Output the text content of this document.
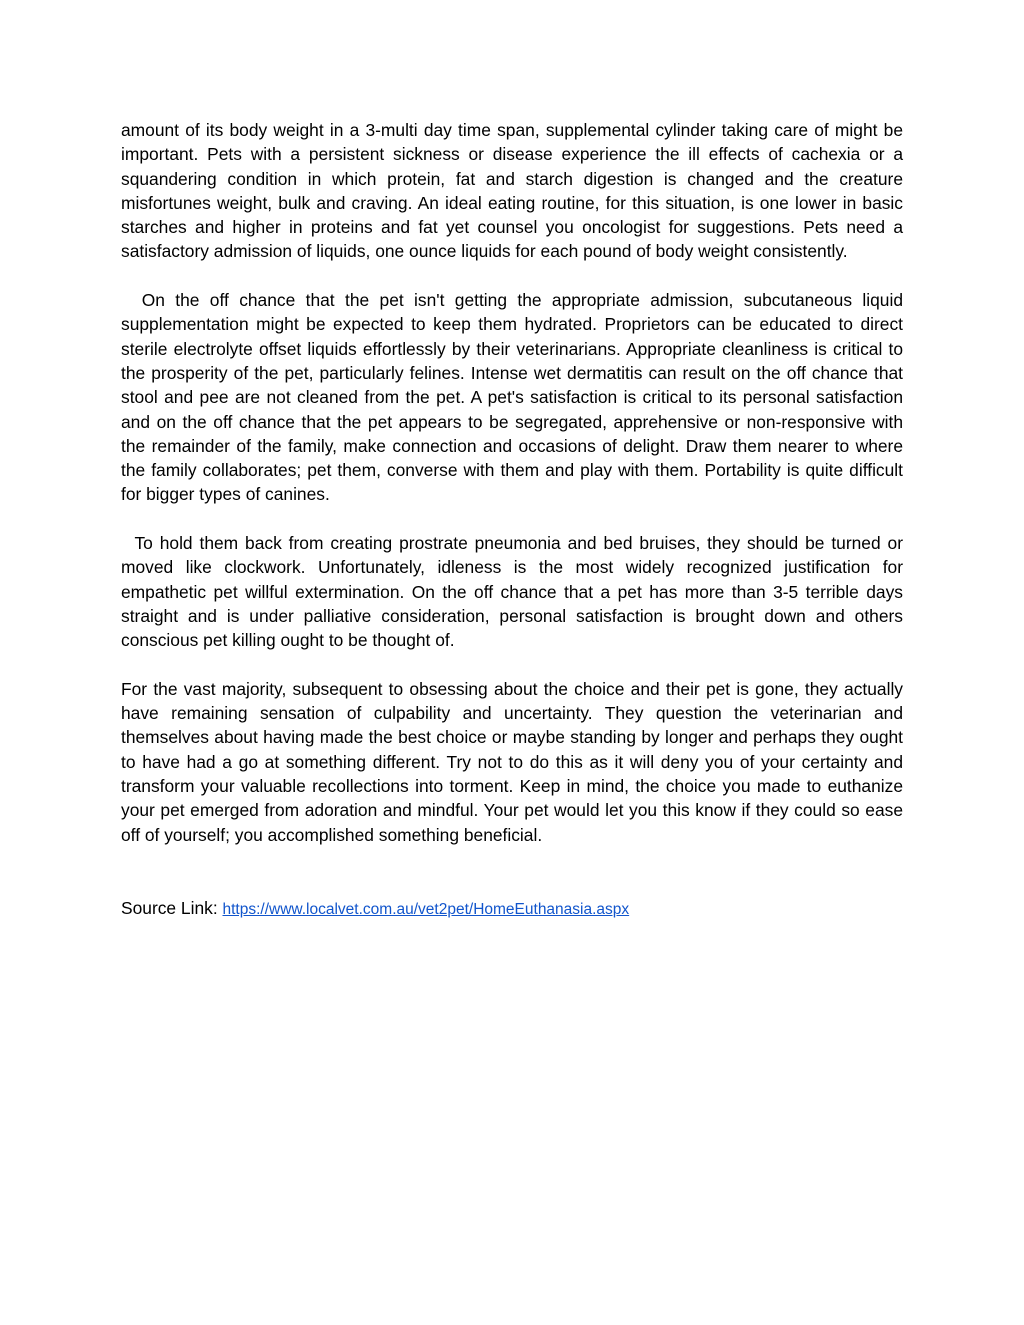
amount of its body weight in a 3-multi day time span, supplemental cylinder taking care of might be important. Pets with a persistent sickness or disease experience the ill effects of cachexia or a squandering condition in which protein, fat and starch digestion is changed and the creature misfortunes weight, bulk and craving. An ideal eating routine, for this situation, is one lower in basic starches and higher in proteins and fat yet counsel you oncologist for suggestions. Pets need a satisfactory admission of liquids, one ounce liquids for each pound of body weight consistently.

On the off chance that the pet isn't getting the appropriate admission, subcutaneous liquid supplementation might be expected to keep them hydrated. Proprietors can be educated to direct sterile electrolyte offset liquids effortlessly by their veterinarians. Appropriate cleanliness is critical to the prosperity of the pet, particularly felines. Intense wet dermatitis can result on the off chance that stool and pee are not cleaned from the pet. A pet's satisfaction is critical to its personal satisfaction and on the off chance that the pet appears to be segregated, apprehensive or non-responsive with the remainder of the family, make connection and occasions of delight. Draw them nearer to where the family collaborates; pet them, converse with them and play with them. Portability is quite difficult for bigger types of canines.

To hold them back from creating prostrate pneumonia and bed bruises, they should be turned or moved like clockwork. Unfortunately, idleness is the most widely recognized justification for empathetic pet willful extermination. On the off chance that a pet has more than 3-5 terrible days straight and is under palliative consideration, personal satisfaction is brought down and others conscious pet killing ought to be thought of.

For the vast majority, subsequent to obsessing about the choice and their pet is gone, they actually have remaining sensation of culpability and uncertainty. They question the veterinarian and themselves about having made the best choice or maybe standing by longer and perhaps they ought to have had a go at something different. Try not to do this as it will deny you of your certainty and transform your valuable recollections into torment. Keep in mind, the choice you made to euthanize your pet emerged from adoration and mindful. Your pet would let you this know if they could so ease off of yourself; you accomplished something beneficial.

Source Link: https://www.localvet.com.au/vet2pet/HomeEuthanasia.aspx
